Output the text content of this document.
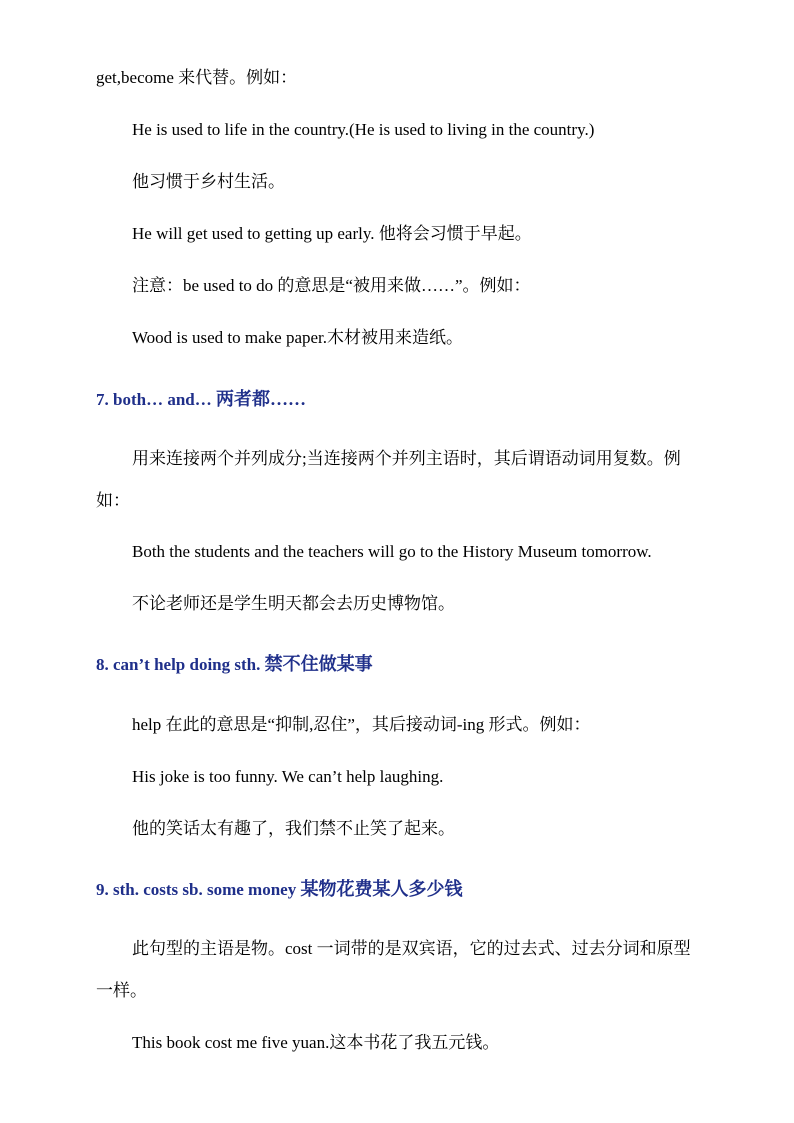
get,become 来代替。例如：
He is used to life in the country.(He is used to living in the country.)
他习惯于乡村生活。
He will get used to getting up early. 他将会习惯于早起。
注意：be used to do 的意思是“被用来做……”。例如：
Wood is used to make paper.木材被用来造纸。
7. both… and… 两者都……
用来连接两个并列成分;当连接两个并列主语时，其后谓语动词用复数。例
如：
Both the students and the teachers will go to the History Museum tomorrow.
不论老师还是学生明天都会去历史博物馆。
8. can’t help doing sth. 禁不住做某事
help 在此的意思是“抑制,忍住”，其后接动词-ing 形式。例如：
His joke is too funny. We can’t help laughing.
他的笑话太有趣了，我们禁不止笑了起来。
9. sth. costs sb. some money 某物花费某人多少钱
此句型的主语是物。cost 一词带的是双宾语，它的过去式、过去分词和原型
一样。
This book cost me five yuan.这本书花了我五元钱。
